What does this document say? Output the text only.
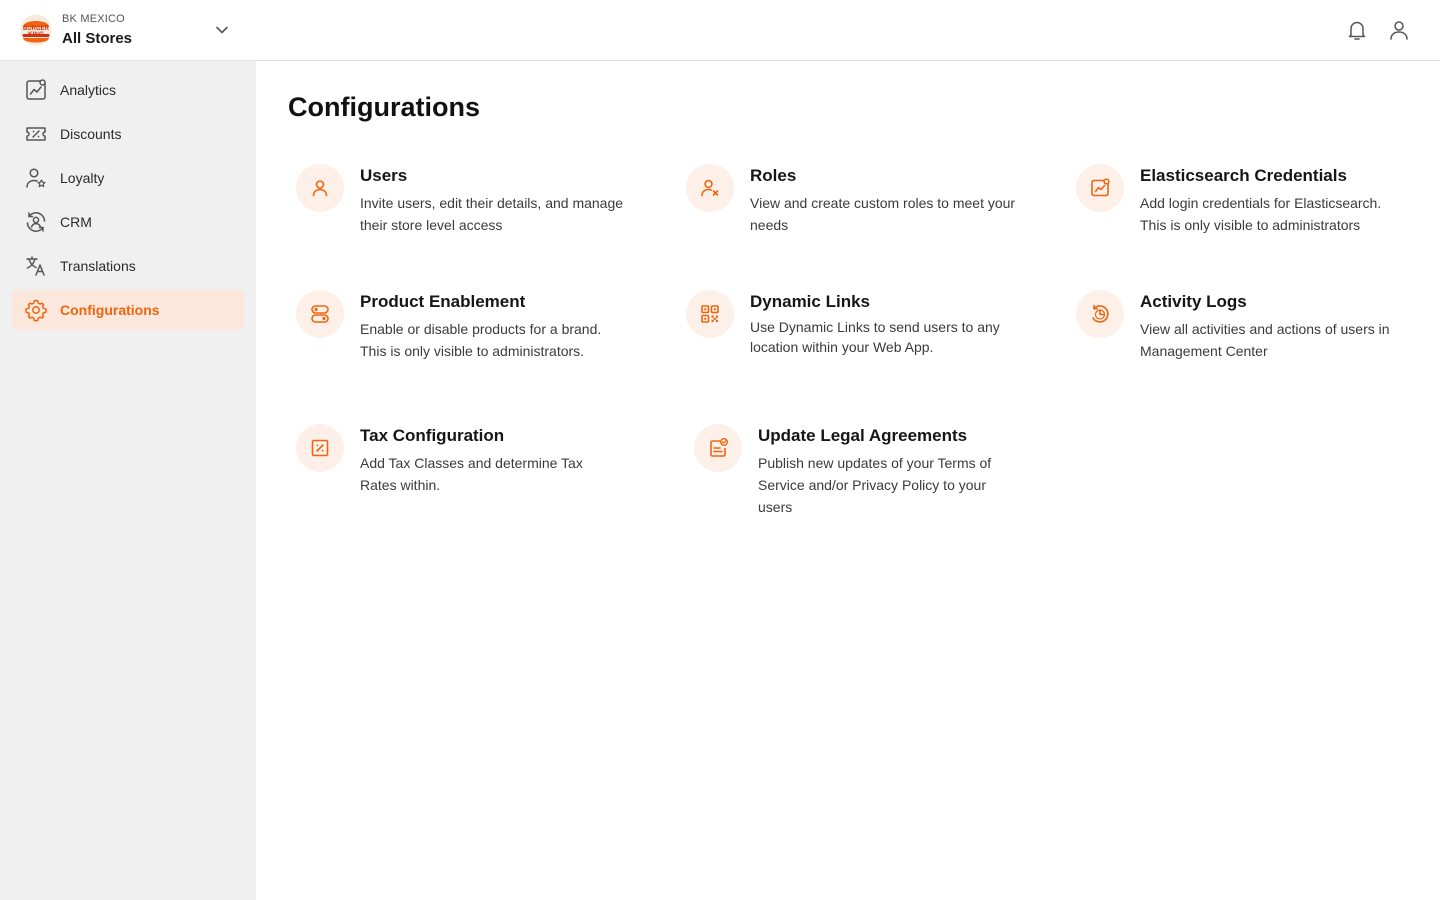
BURGER
KING
BK MEXICO
All Stores
Analytics
Discounts
Loyalty
CRM
Translations
Configurations
Configurations
Users

Invite users, edit their details, and manage their store level access

Roles

View and create custom roles to meet your needs

Elasticsearch Credentials

Add login credentials for Elasticsearch. This is only visible to administrators

Product Enablement

Enable or disable products for a brand. This is only visible to administrators.

Dynamic Links

Use Dynamic Links to send users to any location within your Web App.

Activity Logs

View all activities and actions of users in Management Center

Tax Configuration

Add Tax Classes and determine Tax Rates within.

Update Legal Agreements

Publish new updates of your Terms of Service and/or Privacy Policy to your users
